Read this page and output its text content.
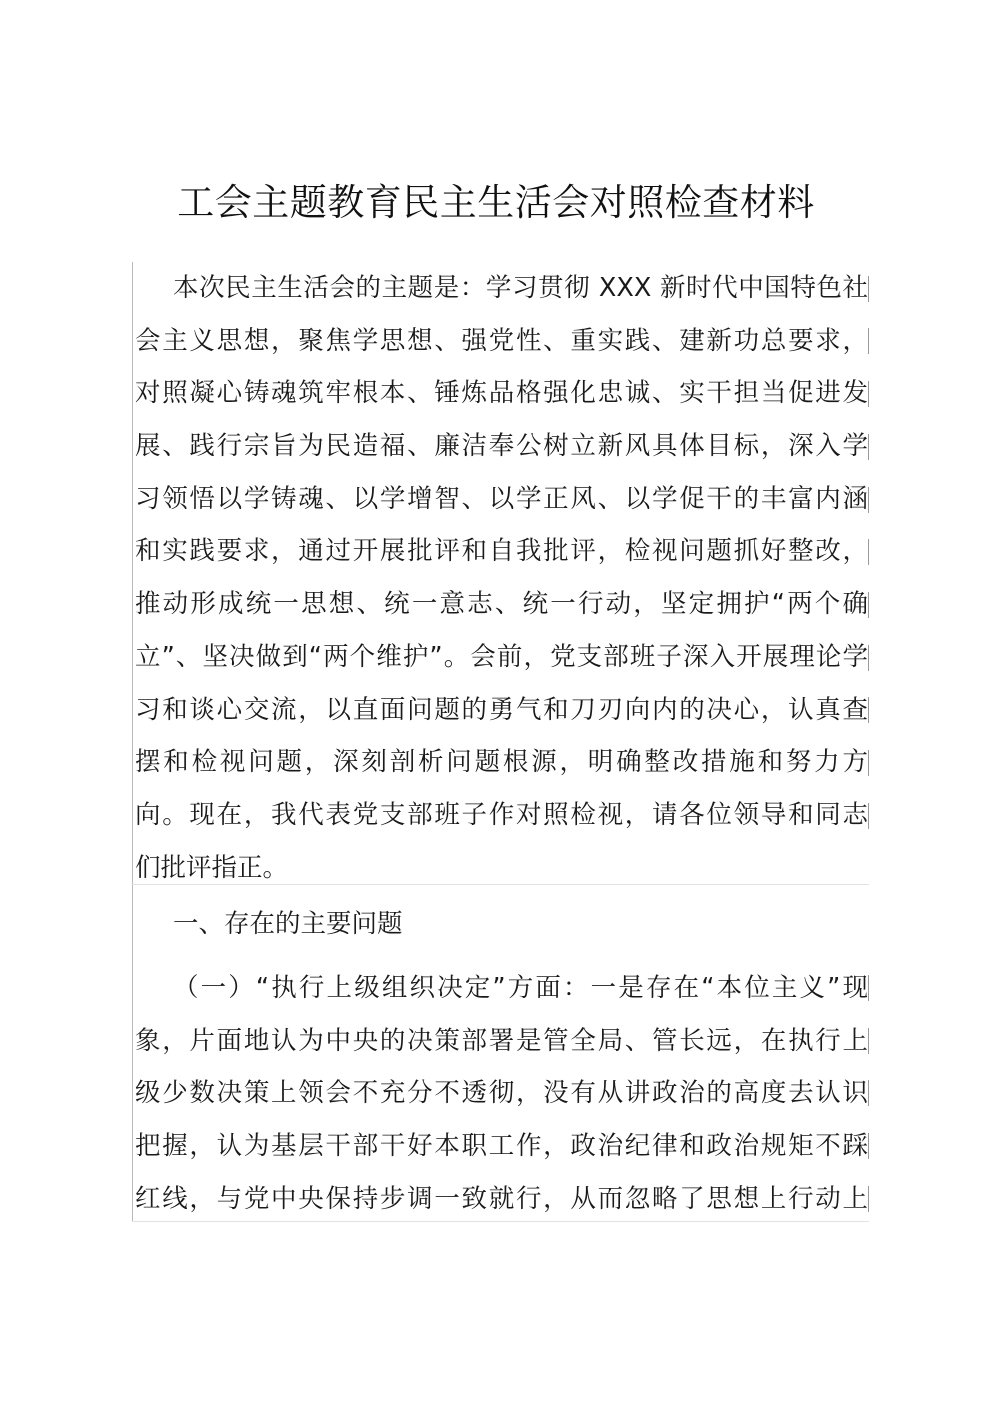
工会主题教育民主生活会对照检查材料
本次民主生活会的主题是：学习贯彻 XXX 新时代中国特色社
会主义思想，聚焦学思想、强党性、重实践、建新功总要求，
对照凝心铸魂筑牢根本、锤炼品格强化忠诚、实干担当促进发
展、践行宗旨为民造福、廉洁奉公树立新风具体目标，深入学
习领悟以学铸魂、以学增智、以学正风、以学促干的丰富内涵
和实践要求，通过开展批评和自我批评，检视问题抓好整改，
推动形成统一思想、统一意志、统一行动，坚定拥护“两个确
立”、坚决做到“两个维护”。会前，党支部班子深入开展理论学
习和谈心交流，以直面问题的勇气和刀刃向内的决心，认真查
摆和检视问题，深刻剖析问题根源，明确整改措施和努力方
向。现在，我代表党支部班子作对照检视，请各位领导和同志
们批评指正。
一、存在的主要问题
（一）“执行上级组织决定”方面：一是存在“本位主义”现
象，片面地认为中央的决策部署是管全局、管长远，在执行上
级少数决策上领会不充分不透彻，没有从讲政治的高度去认识
把握，认为基层干部干好本职工作，政治纪律和政治规矩不踩
红线，与党中央保持步调一致就行，从而忽略了思想上行动上
